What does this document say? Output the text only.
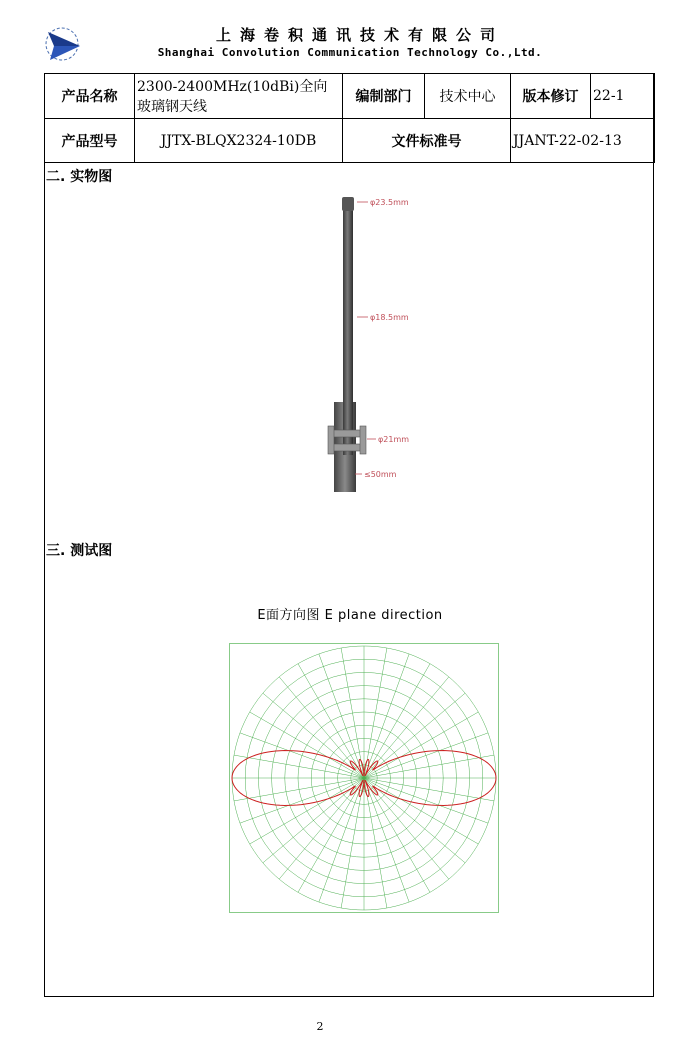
上海卷积通讯技术有限公司
Shanghai Convolution Communication Technology Co.,Ltd.
产品名称	2300-2400MHz(10dBi)全向玻璃钢天线	编制部门	技术中心	版本修订	22-1
产品型号	JJTX-BLQX2324-10DB	文件标准号		JJANT-22-02-13	
二. 实物图
φ23.5mm
φ18.5mm
φ21mm
≤50mm
三. 测试图
E面方向图 E plane direction
2
